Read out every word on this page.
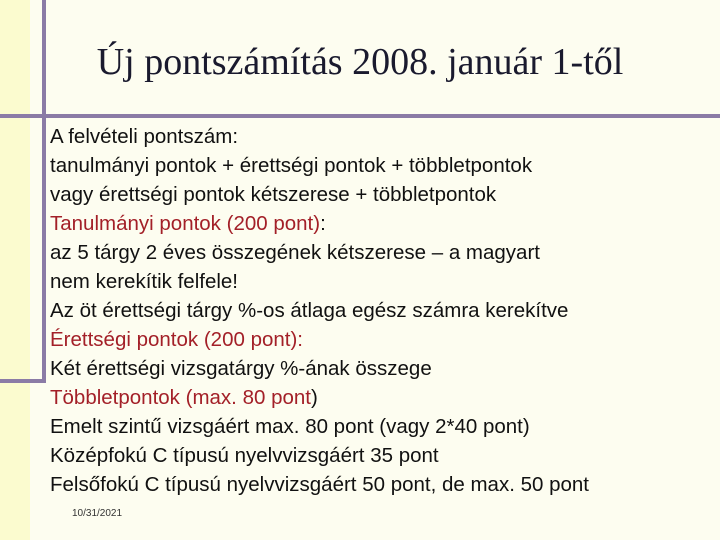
Új pontszámítás 2008. január 1-től
A felvételi pontszám:
tanulmányi pontok + érettségi pontok + többletpontok
vagy érettségi pontok kétszerese + többletpontok
Tanulmányi pontok (200 pont):
az 5 tárgy 2 éves összegének kétszerese – a magyart
nem kerekítik felfele!
Az öt érettségi tárgy %-os átlaga egész számra kerekítve
Érettségi pontok (200 pont):
Két érettségi vizsgatárgy %-ának összege
Többletpontok (max. 80 pont)
Emelt szintű vizsgáért max. 80 pont (vagy 2*40 pont)
Középfokú C típusú nyelvvizsgáért 35 pont
Felsőfokú C típusú nyelvvizsgáért 50 pont, de max. 50 pont
10/31/2021
